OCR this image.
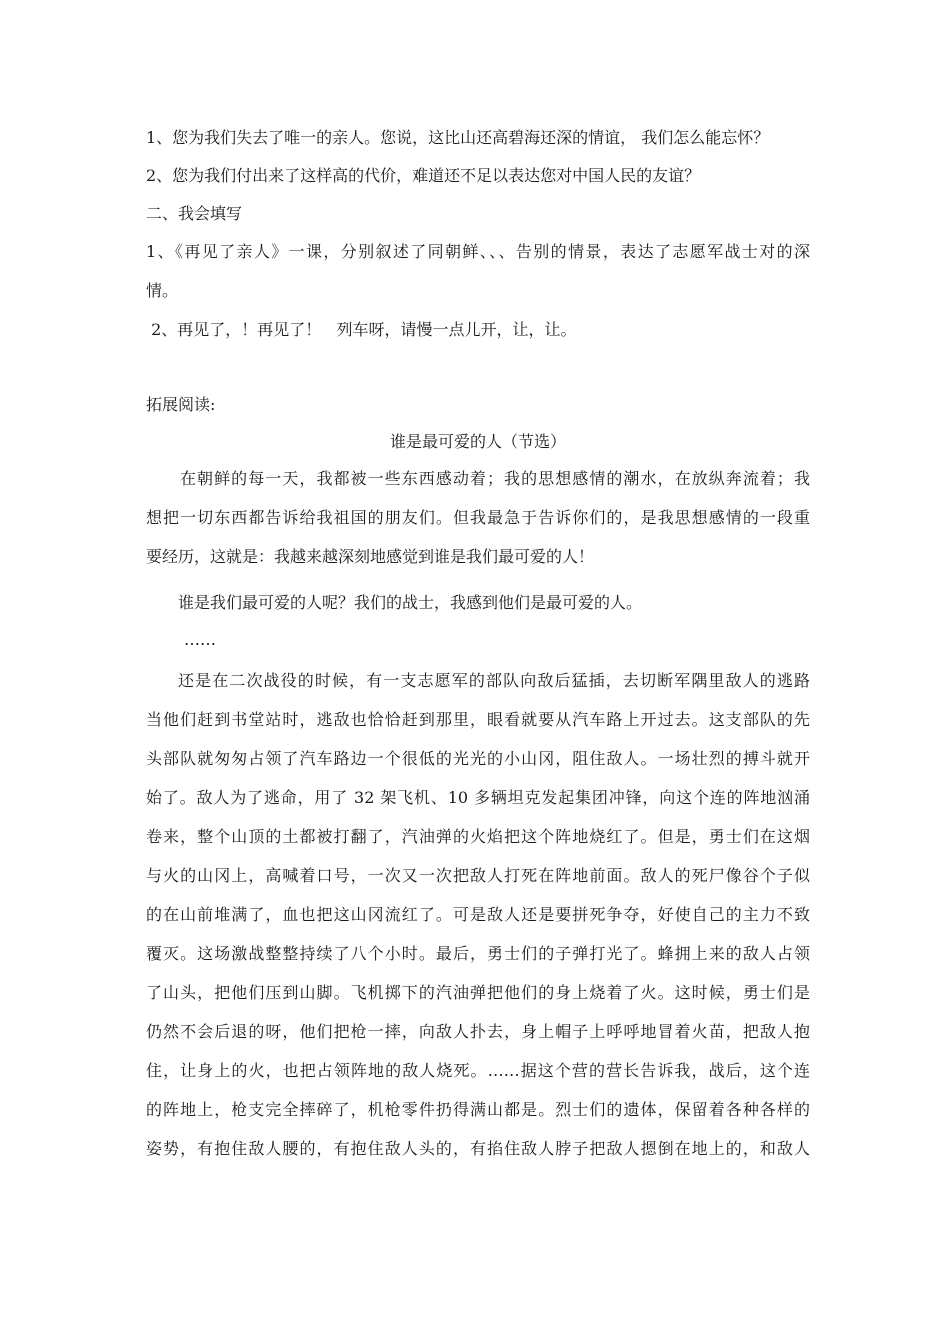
1、您为我们失去了唯一的亲人。您说，这比山还高碧海还深的情谊， 我们怎么能忘怀？
2、您为我们付出来了这样高的代价，难道还不足以表达您对中国人民的友谊？
二、我会填写
1、《再见了亲人》一课，分别叙述了同朝鲜、、、告别的情景，表达了志愿军战士对的深
情。
2、再见了，！再见了！   列车呀，请慢一点儿开，让，让。
拓展阅读:
谁是最可爱的人（节选）
在朝鲜的每一天，我都被一些东西感动着；我的思想感情的潮水，在放纵奔流着；我
想把一切东西都告诉给我祖国的朋友们。但我最急于告诉你们的，是我思想感情的一段重
要经历，这就是：我越来越深刻地感觉到谁是我们最可爱的人！
谁是我们最可爱的人呢？我们的战士，我感到他们是最可爱的人。
……
还是在二次战役的时候，有一支志愿军的部队向敌后猛插，去切断军隅里敌人的逃路
当他们赶到书堂站时，逃敌也恰恰赶到那里，眼看就要从汽车路上开过去。这支部队的先
头部队就匆匆占领了汽车路边一个很低的光光的小山冈，阻住敌人。一场壮烈的搏斗就开
始了。敌人为了逃命，用了 32 架飞机、10 多辆坦克发起集团冲锋，向这个连的阵地汹涌
卷来，整个山顶的土都被打翻了，汽油弹的火焰把这个阵地烧红了。但是，勇士们在这烟
与火的山冈上，高喊着口号，一次又一次把敌人打死在阵地前面。敌人的死尸像谷个子似
的在山前堆满了，血也把这山冈流红了。可是敌人还是要拼死争夺，好使自己的主力不致
覆灭。这场激战整整持续了八个小时。最后，勇士们的子弹打光了。蜂拥上来的敌人占领
了山头，把他们压到山脚。飞机掷下的汽油弹把他们的身上烧着了火。这时候，勇士们是
仍然不会后退的呀，他们把枪一摔，向敌人扑去，身上帽子上呼呼地冒着火苗，把敌人抱
住，让身上的火，也把占领阵地的敌人烧死。……据这个营的营长告诉我，战后，这个连
的阵地上，枪支完全摔碎了，机枪零件扔得满山都是。烈士们的遗体，保留着各种各样的
姿势，有抱住敌人腰的，有抱住敌人头的，有掐住敌人脖子把敌人摁倒在地上的，和敌人
